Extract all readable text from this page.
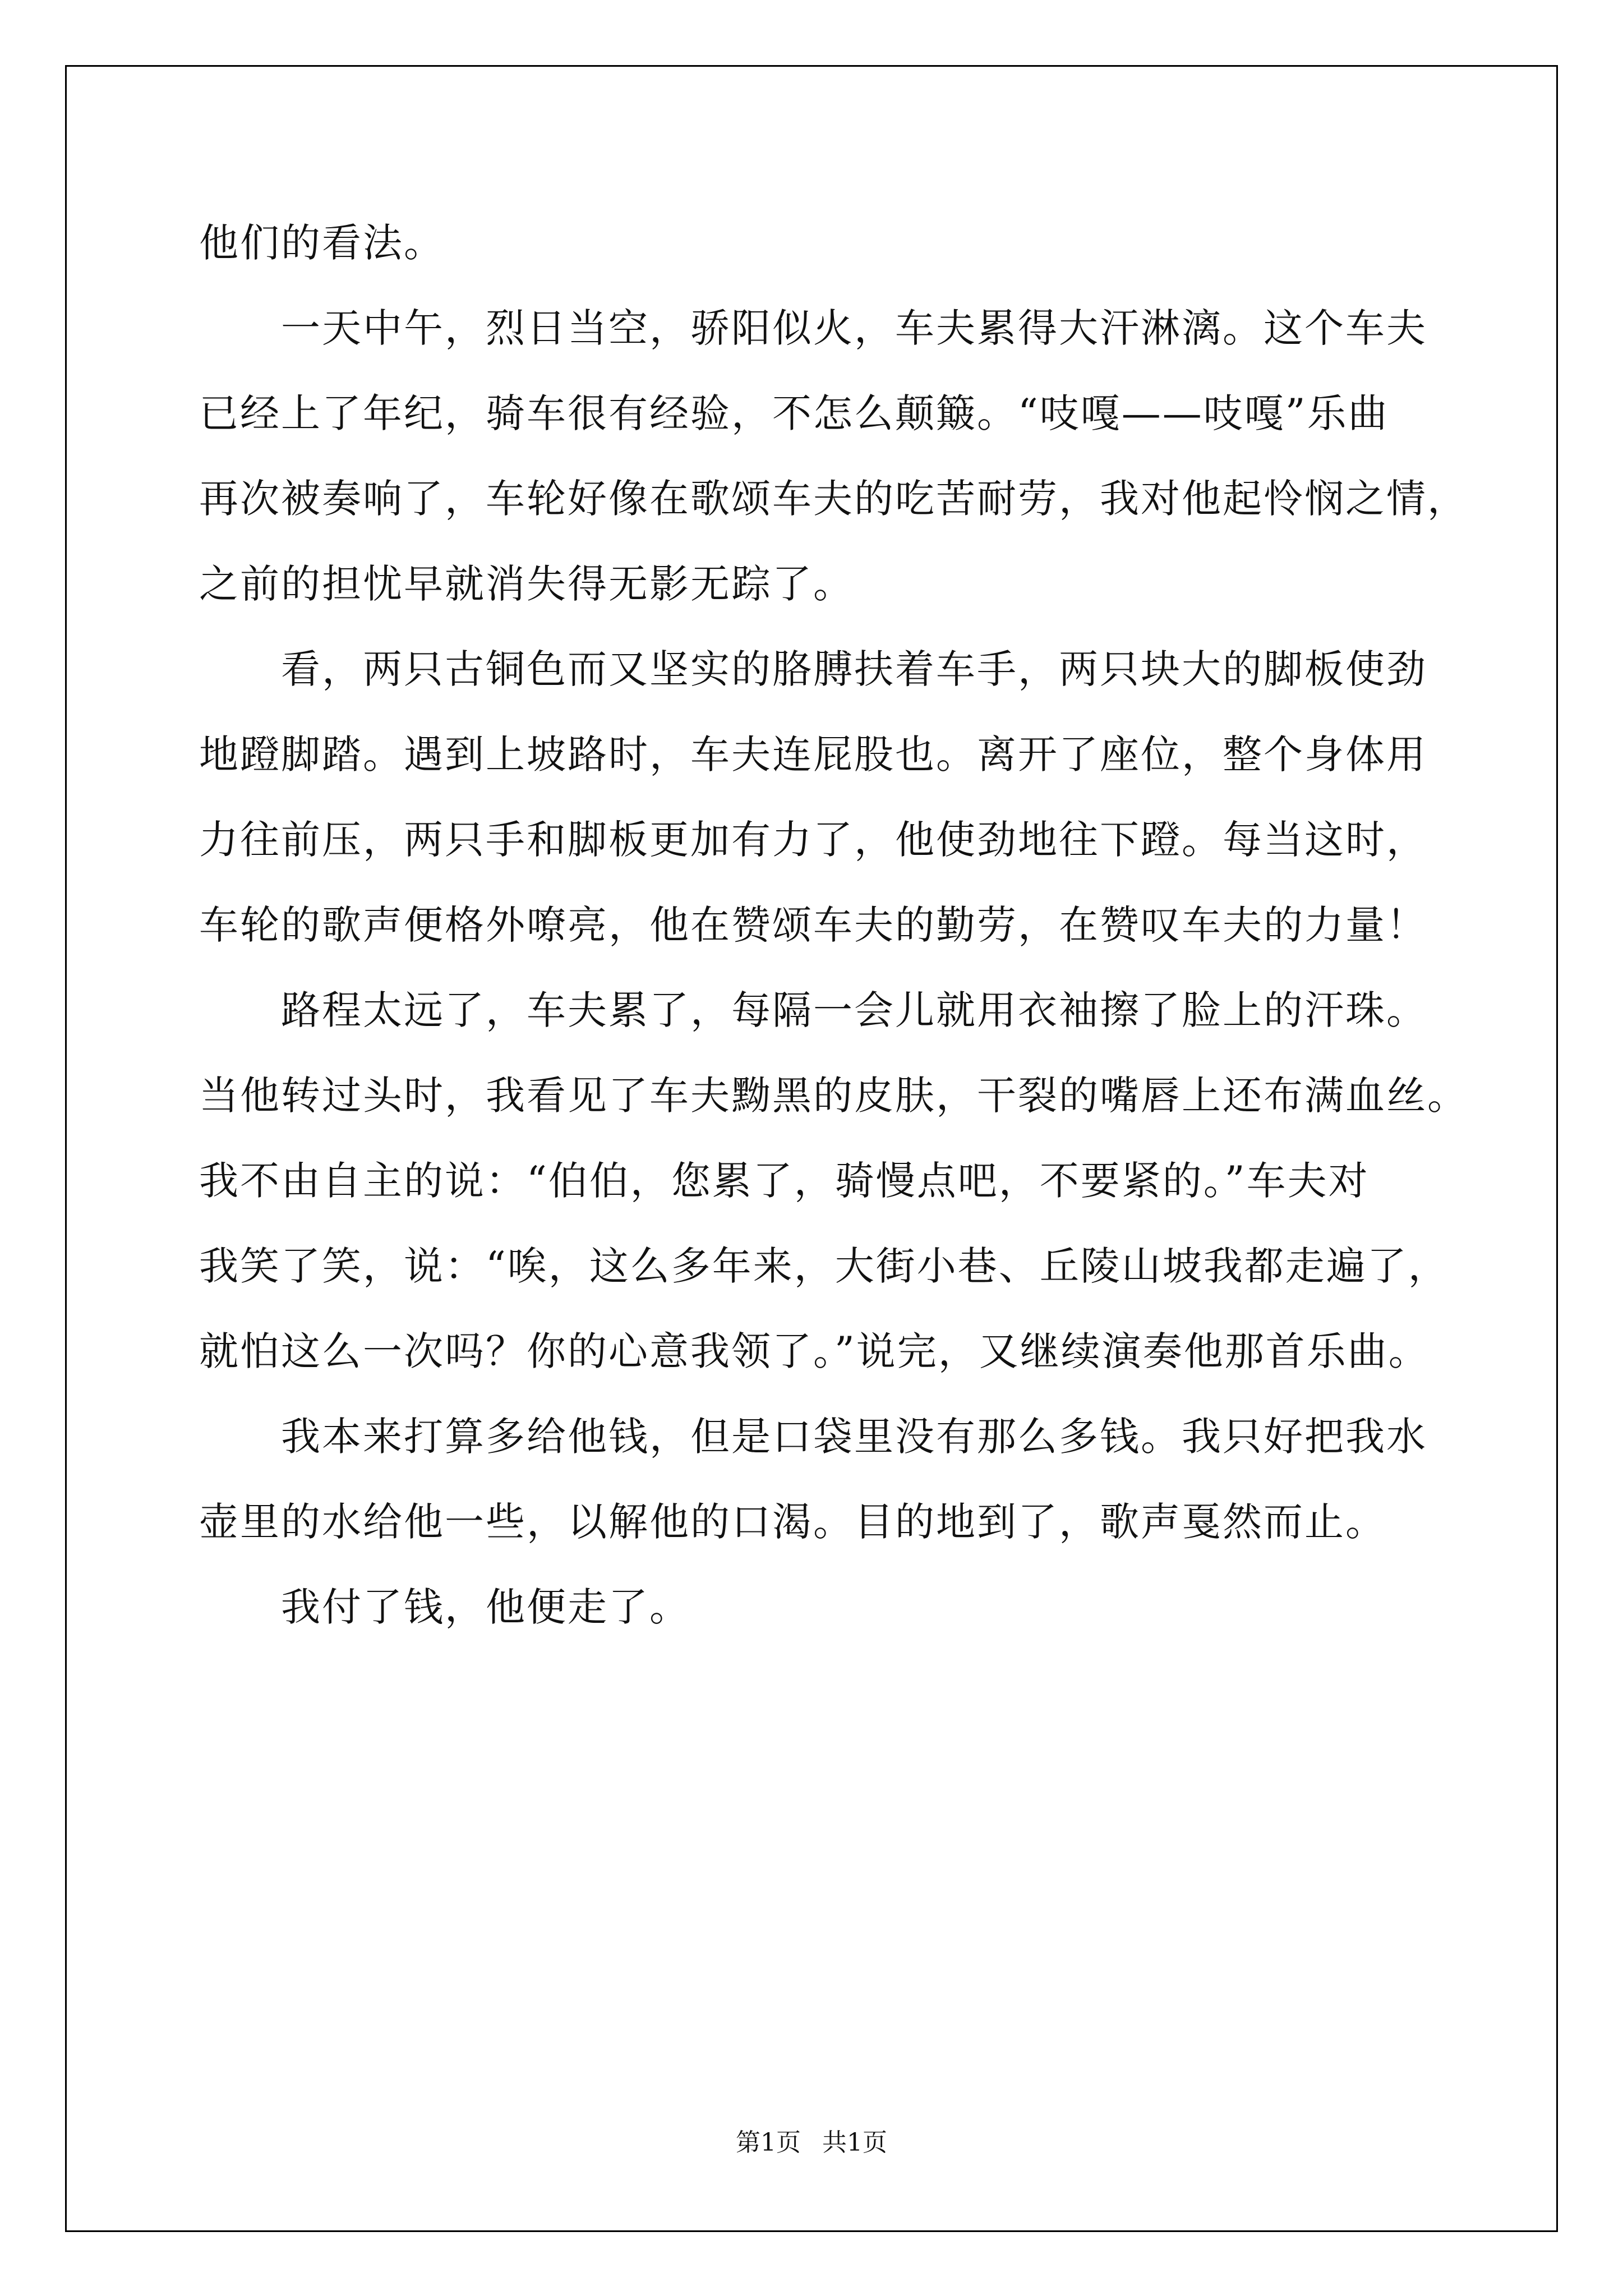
他们的看法。
　　一天中午，烈日当空，骄阳似火，车夫累得大汗淋漓。这个车夫
已经上了年纪，骑车很有经验，不怎么颠簸。“吱嘎——吱嘎”乐曲
再次被奏响了，车轮好像在歌颂车夫的吃苦耐劳，我对他起怜悯之情，
之前的担忧早就消失得无影无踪了。
　　看，两只古铜色而又坚实的胳膊扶着车手，两只块大的脚板使劲
地蹬脚踏。遇到上坡路时，车夫连屁股也。离开了座位，整个身体用
力往前压，两只手和脚板更加有力了，他使劲地往下蹬。每当这时，
车轮的歌声便格外嘹亮，他在赞颂车夫的勤劳，在赞叹车夫的力量！
　　路程太远了，车夫累了，每隔一会儿就用衣袖擦了脸上的汗珠。
当他转过头时，我看见了车夫黝黑的皮肤，干裂的嘴唇上还布满血丝。
我不由自主的说：“伯伯，您累了，骑慢点吧，不要紧的。”车夫对
我笑了笑，说：“唉，这么多年来，大街小巷、丘陵山坡我都走遍了，
就怕这么一次吗？你的心意我领了。”说完，又继续演奏他那首乐曲。
　　我本来打算多给他钱，但是口袋里没有那么多钱。我只好把我水
壶里的水给他一些，以解他的口渴。目的地到了，歌声戛然而止。
　　我付了钱，他便走了。
第1页 共1页
